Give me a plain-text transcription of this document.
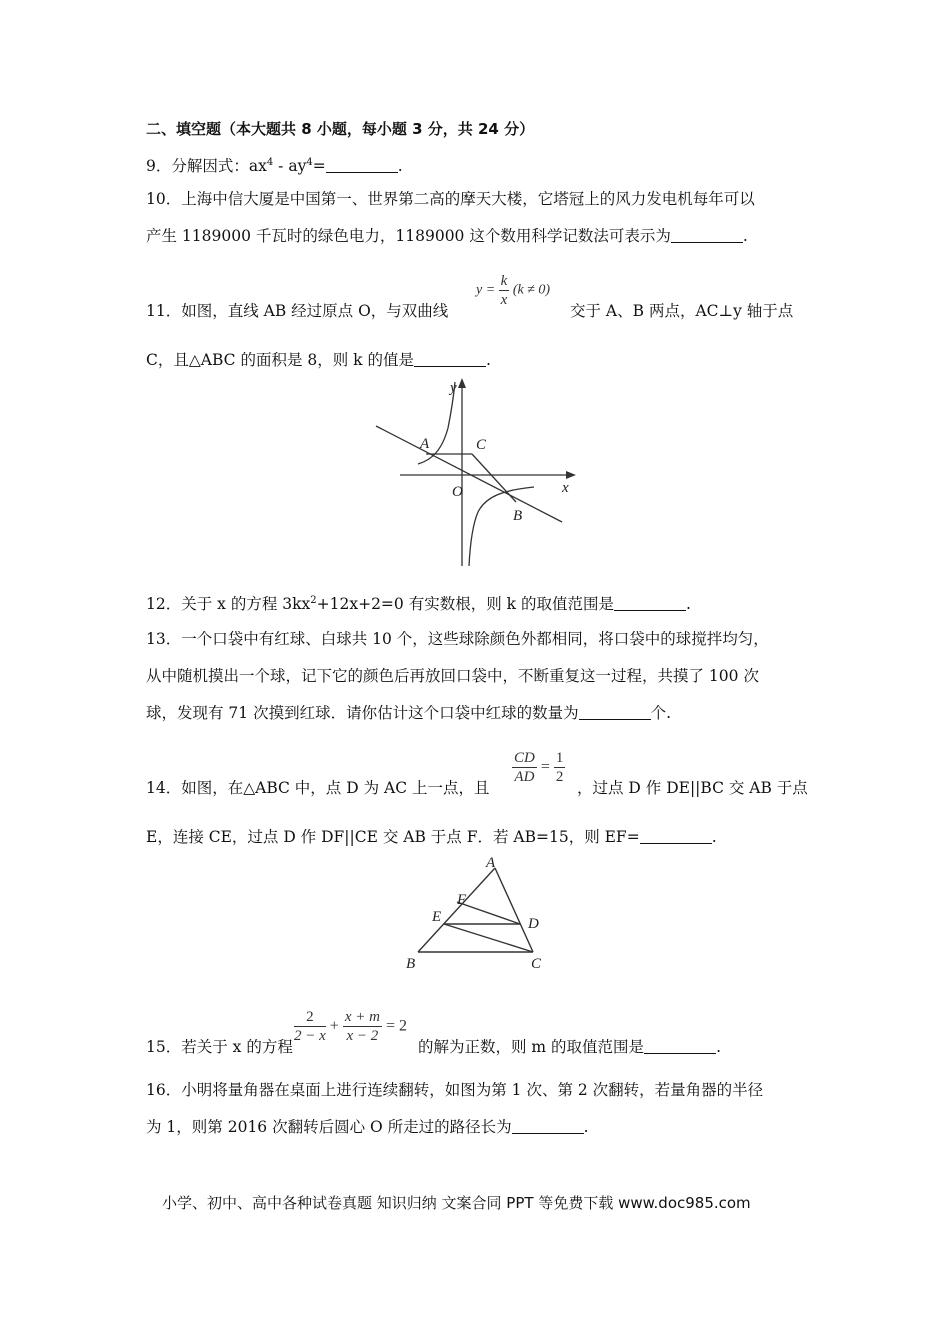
二、填空题（本大题共 8 小题，每小题 3 分，共 24 分）
9．分解因式：$ax^4 - ay^4=$	.
10．上海中信大厦是中国第一、世界第二高的摩天大楼，它塔冠上的风力发电机每年可以
产生 1189000 千瓦时的绿色电力，1189000 这个数用科学记数法可表示为	.
11．如图，直线 AB 经过原点 O，与双曲线
$y = \frac{k}{x} (k \ne 0)$
交于 A、B 两点，AC⊥y 轴于点
C，且△ABC 的面积是 8，则 k 的值是	.
y
x
A	C
O
B
12．关于 x 的方程 $3kx^2+12x+2=0$ 有实数根，则 k 的取值范围是	.
13．一个口袋中有红球、白球共 10 个，这些球除颜色外都相同，将口袋中的球搅拌均匀，
从中随机摸出一个球，记下它的颜色后再放回口袋中，不断重复这一过程，共摸了 100 次
球，发现有 71 次摸到红球．请你估计这个口袋中红球的数量为	个.
14．如图，在△ABC 中，点 D 为 AC 上一点，且
$\frac{CD}{AD} = \frac{1}{2}$
，过点 D 作 DE||BC 交 AB 于点
E，连接 CE，过点 D 作 DF||CE 交 AB 于点 F．若 AB=15，则 EF=	.
A
F
E	D
B	C
15．若关于 x 的方程
$\frac{2}{2 - x} + \frac{x + m}{x - 2} = 2$
的解为正数，则 m 的取值范围是	.
16．小明将量角器在桌面上进行连续翻转，如图为第 1 次、第 2 次翻转，若量角器的半径
为 1，则第 2016 次翻转后圆心 O 所走过的路径长为	.
小学、初中、高中各种试卷真题 知识归纳 文案合同 PPT 等免费下载 www.doc985.com
